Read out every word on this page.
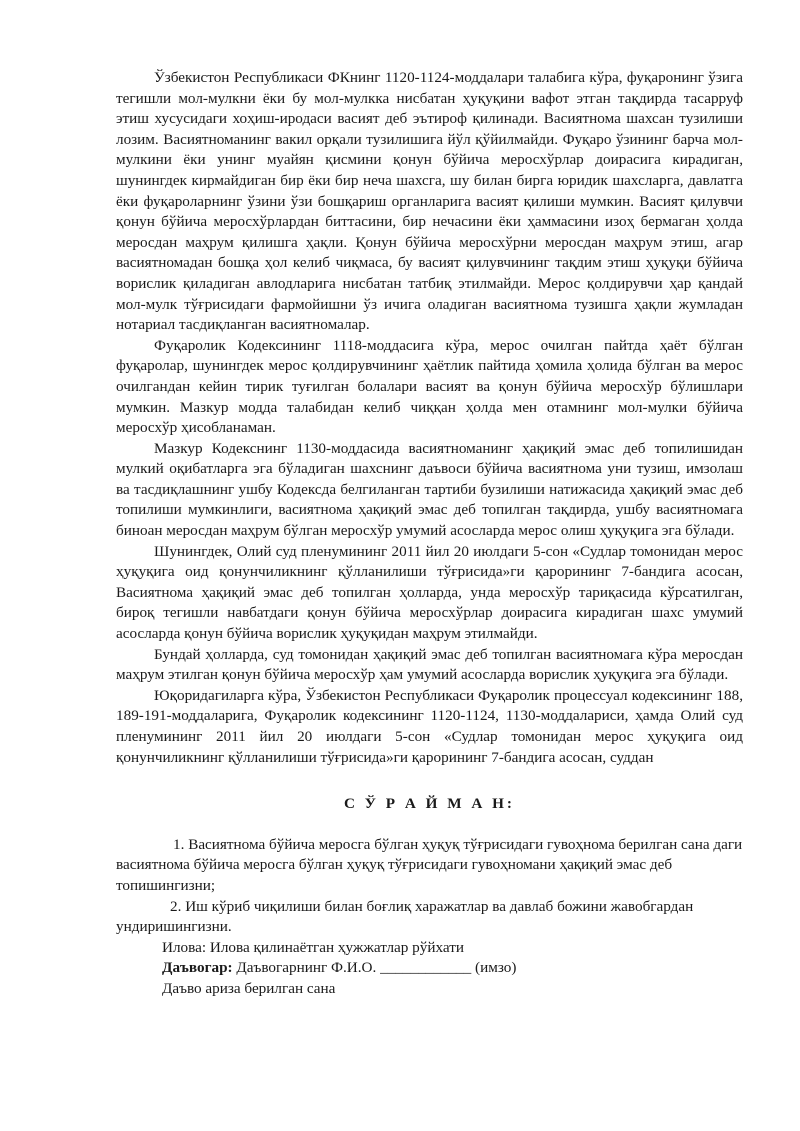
Ўзбекистон Республикаси ФКнинг 1120-1124-моддалари талабига кўра, фуқаронинг ўзига тегишли мол-мулкни ёки бу мол-мулкка нисбатан ҳуқуқини вафот этган тақдирда тасарруф этиш хусусидаги хоҳиш-иродаси васият деб эътироф қилинади. Васиятнома шахсан тузилиши лозим. Васиятноманинг вакил орқали тузилишига йўл қўйилмайди. Фуқаро ўзининг барча мол-мулкини ёки унинг муайян қисмини қонун бўйича меросхўрлар доирасига кирадиган, шунингдек кирмайдиган бир ёки бир неча шахсга, шу билан бирга юридик шахсларга, давлатга ёки фуқароларнинг ўзини ўзи бошқариш органларига васият қилиши мумкин. Васият қилувчи қонун бўйича меросхўрлардан биттасини, бир нечасини ёки ҳаммасини изоҳ бермаган ҳолда меросдан маҳрум қилишга ҳақли. Қонун бўйича меросхўрни меросдан маҳрум этиш, агар васиятномадан бошқа ҳол келиб чиқмаса, бу васият қилувчининг тақдим этиш ҳуқуқи бўйича ворислик қиладиган авлодларига нисбатан татбиқ этилмайди. Мерос қолдирувчи ҳар қандай мол-мулк тўғрисидаги фармойишни ўз ичига оладиган васиятнома тузишга ҳақли жумладан нотариал тасдиқланган васиятномалар.

Фуқаролик Кодексининг 1118-моддасига кўра, мерос очилган пайтда ҳаёт бўлган фуқаролар, шунингдек мерос қолдирувчининг ҳаётлик пайтида ҳомила ҳолида бўлган ва мерос очилгандан кейин тирик туғилган болалари васият ва қонун бўйича меросхўр бўлишлари мумкин. Мазкур модда талабидан келиб чиққан ҳолда мен отамнинг мол-мулки бўйича меросхўр ҳисобланаман.

Мазкур Кодекснинг 1130-моддасида васиятноманинг ҳақиқий эмас деб топилишидан мулкий оқибатларга эга бўладиган шахснинг даъвоси бўйича васиятнома уни тузиш, имзолаш ва тасдиқлашнинг ушбу Кодексда белгиланган тартиби бузилиши натижасида ҳақиқий эмас деб топилиши мумкинлиги, васиятнома ҳақиқий эмас деб топилган тақдирда, ушбу васиятномага биноан меросдан маҳрум бўлган меросхўр умумий асосларда мерос олиш ҳуқуқига эга бўлади.

Шунингдек, Олий суд пленумининг 2011 йил 20 июлдаги 5-сон «Судлар томонидан мерос ҳуқуқига оид қонунчиликнинг қўлланилиши тўғрисида»ги қарорининг 7-бандига асосан, Васиятнома ҳақиқий эмас деб топилган ҳолларда, унда меросхўр тариқасида кўрсатилган, бироқ тегишли навбатдаги қонун бўйича меросхўрлар доирасига кирадиган шахс умумий асосларда қонун бўйича ворислик ҳуқуқидан маҳрум этилмайди.

Бундай ҳолларда, суд томонидан ҳақиқий эмас деб топилган васиятномага кўра меросдан маҳрум этилган қонун бўйича меросхўр ҳам умумий асосларда ворислик ҳуқуқига эга бўлади.

Юқоридагиларга кўра, Ўзбекистон Республикаси Фуқаролик процессуал кодексининг 188, 189-191-моддаларига, Фуқаролик кодексининг 1120-1124, 1130-моддалариси, ҳамда Олий суд пленумининг 2011 йил 20 июлдаги 5-сон «Судлар томонидан мерос ҳуқуқига оид қонунчиликнинг қўлланилиши тўғрисида»ги қарорининг 7-бандига асосан, суддан

С Ў Р А Й М А Н:

1. Васиятнома бўйича меросга бўлган ҳуқуқ тўғрисидаги гувоҳнома берилган сана даги васиятнома бўйича меросга бўлган ҳуқуқ тўғрисидаги гувоҳномани ҳақиқий эмас деб топишингизни;

2. Иш кўриб чиқилиши билан боғлиқ харажатлар ва давлаб божини жавобгардан ундиришингизни.

Илова: Илова қилинаётган ҳужжатлар рўйхати

Даъвогар: Даъвогарнинг Ф.И.О. ____________ (имзо)

Даъво ариза берилган сана
